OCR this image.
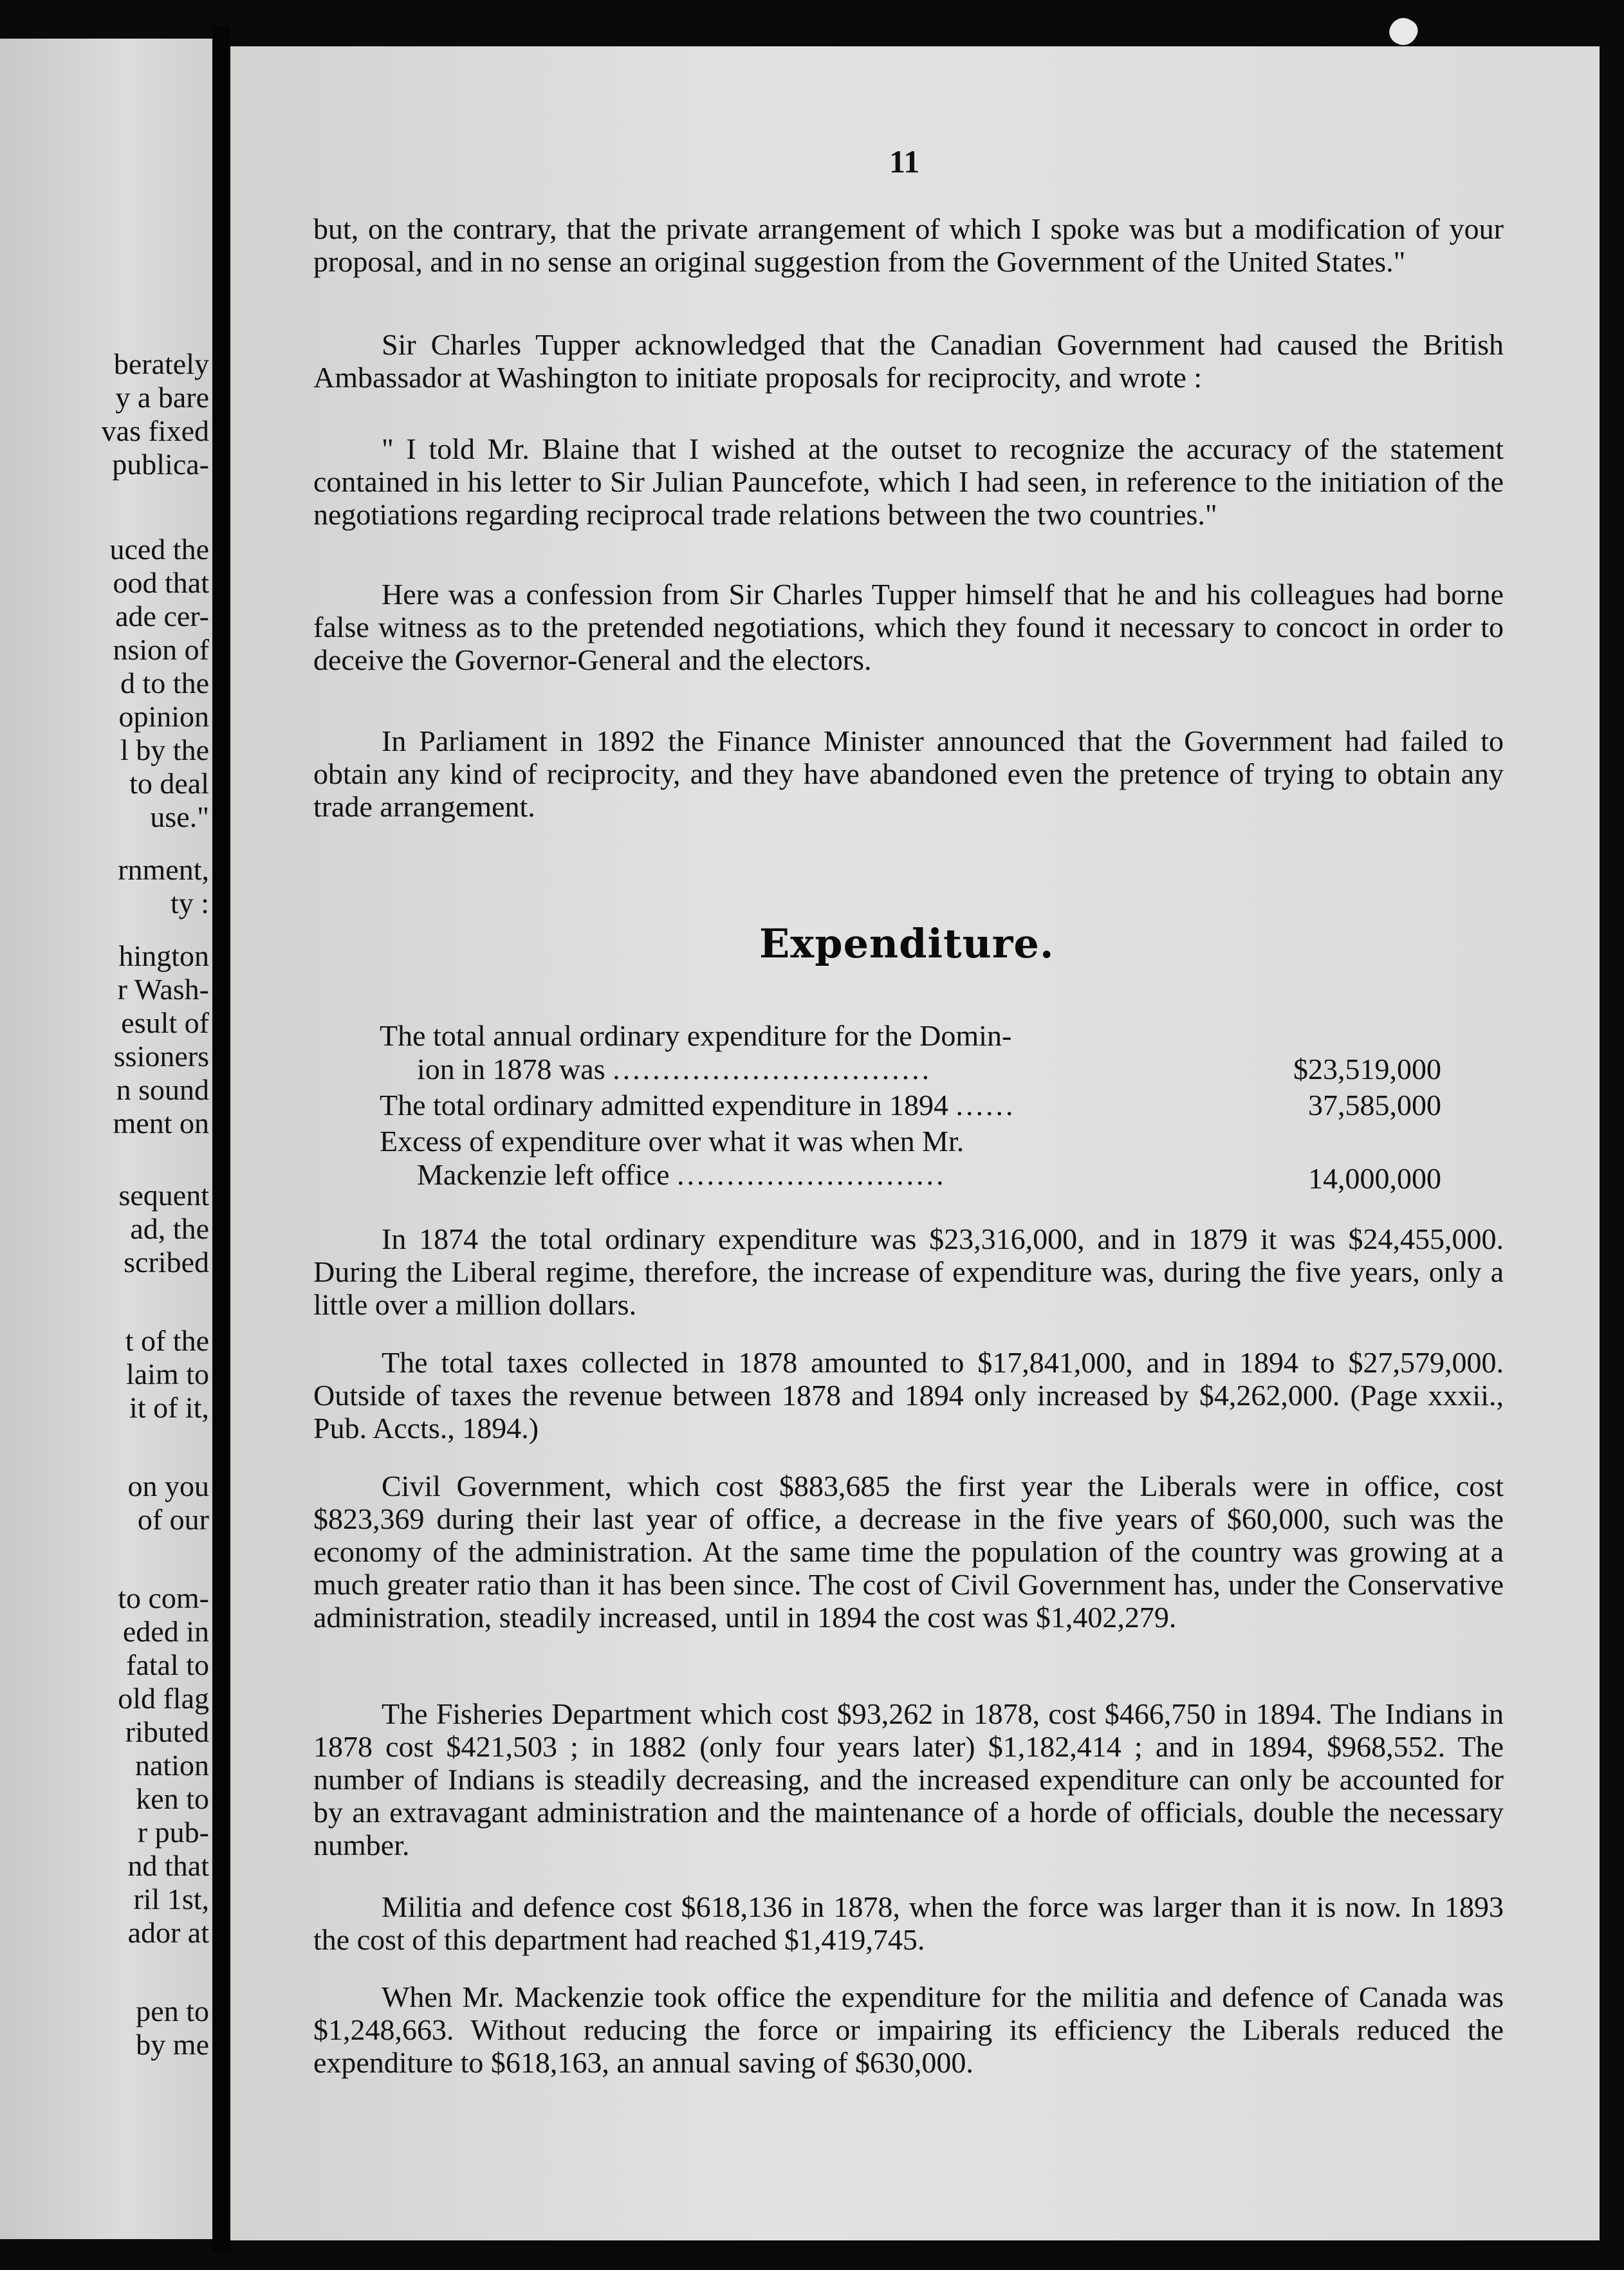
berately
y a bare
vas fixed
publica-
uced the
ood that
ade cer-
nsion of
d to the
opinion
l by the
to deal
use."
rnment,
ty :
hington
r Wash-
esult of
ssioners
n sound
ment on
sequent
ad, the
scribed
t of the
laim to
it of it,
on you
of our
to com-
eded in
fatal to
old flag
ributed
nation
ken to
r pub-
nd that
ril 1st,
ador at
pen to
by me
11

but, on the contrary, that the private arrangement of which I spoke was but a modification of your proposal, and in no sense an original suggestion from the Government of the United States."

Sir Charles Tupper acknowledged that the Canadian Government had caused the British Ambassador at Washington to initiate proposals for reciprocity, and wrote :

" I told Mr. Blaine that I wished at the outset to recognize the accuracy of the statement contained in his letter to Sir Julian Pauncefote, which I had seen, in reference to the initiation of the negotiations regarding reciprocal trade relations between the two countries."

Here was a confession from Sir Charles Tupper himself that he and his colleagues had borne false witness as to the pretended negotiations, which they found it necessary to concoct in order to deceive the Governor-General and the electors.

In Parliament in 1892 the Finance Minister announced that the Government had failed to obtain any kind of reciprocity, and they have abandoned even the pretence of trying to obtain any trade arrangement.

Expenditure.
The total annual ordinary expenditure for the Domin-
ion in 1878 was ................................	$23,519,000
The total ordinary admitted expenditure in 1894 ......	37,585,000
Excess of expenditure over what it was when Mr.
Mackenzie left office ...........................	14,000,000

In 1874 the total ordinary expenditure was $23,316,000, and in 1879 it was $24,455,000. During the Liberal regime, therefore, the increase of expenditure was, during the five years, only a little over a million dollars.

The total taxes collected in 1878 amounted to $17,841,000, and in 1894 to $27,579,000. Outside of taxes the revenue between 1878 and 1894 only increased by $4,262,000. (Page xxxii., Pub. Accts., 1894.)

Civil Government, which cost $883,685 the first year the Liberals were in office, cost $823,369 during their last year of office, a decrease in the five years of $60,000, such was the economy of the administration. At the same time the population of the country was growing at a much greater ratio than it has been since. The cost of Civil Government has, under the Conservative administration, steadily increased, until in 1894 the cost was $1,402,279.

The Fisheries Department which cost $93,262 in 1878, cost $466,750 in 1894. The Indians in 1878 cost $421,503 ; in 1882 (only four years later) $1,182,414 ; and in 1894, $968,552. The number of Indians is steadily decreasing, and the increased expenditure can only be accounted for by an extravagant administration and the maintenance of a horde of officials, double the necessary number.

Militia and defence cost $618,136 in 1878, when the force was larger than it is now. In 1893 the cost of this department had reached $1,419,745.

When Mr. Mackenzie took office the expenditure for the militia and defence of Canada was $1,248,663. Without reducing the force or impairing its efficiency the Liberals reduced the expenditure to $618,163, an annual saving of $630,000.
